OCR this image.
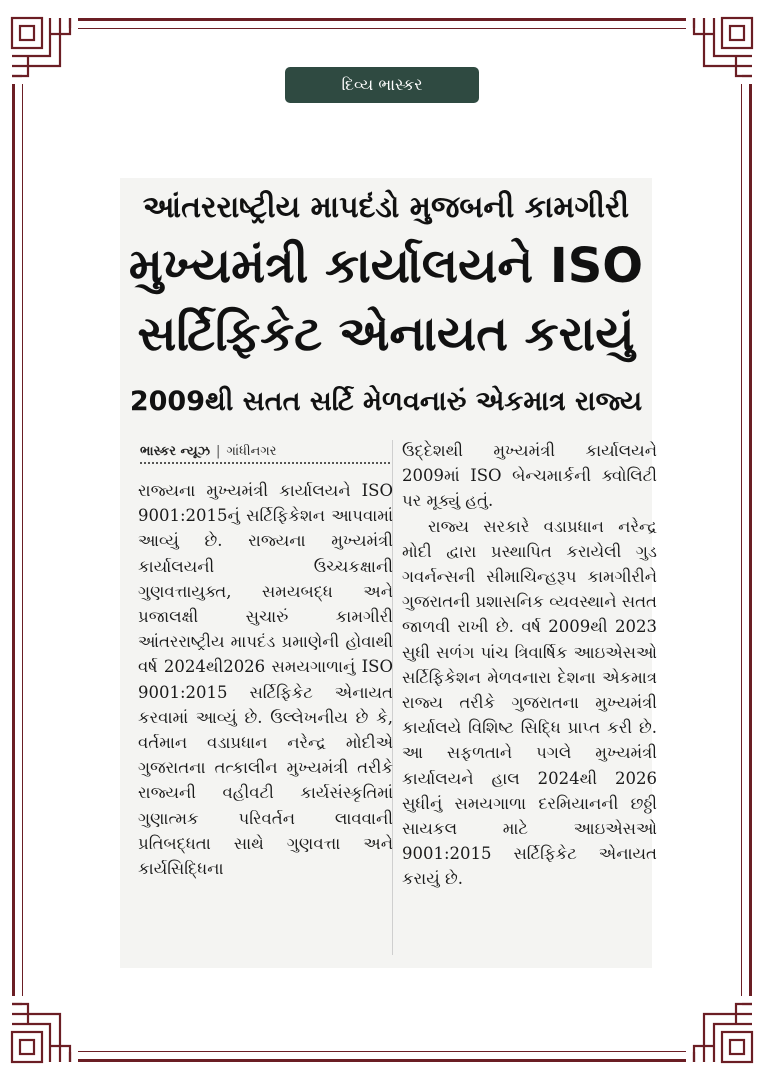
દિવ્ય ભાસ્કર
આંતરરાષ્ટ્રીય માપદંડો મુજબની કામગીરી
મુખ્યમંત્રી કાર્યાલયને ISO
સર્ટિફિકેટ એનાયત કરાયું
2009થી સતત સર્ટિ મેળવનારું એકમાત્ર રાજ્ય
ભાસ્કર ન્યૂઝ | ગાંધીનગર

રાજ્યના મુખ્યમંત્રી કાર્યાલયને ISO 9001:2015નું સર્ટિફિકેશન આપવામાં આવ્યું છે. રાજ્યના મુખ્યમંત્રી કાર્યાલયની ઉચ્ચકક્ષાની ગુણવત્તાયુક્ત, સમયબદ્ધ અને પ્રજાલક્ષી સુચારું કામગીરી આંતરરાષ્ટ્રીય માપદંડ પ્રમાણેની હોવાથી વર્ષ 2024થી2026 સમયગાળાનું ISO 9001:2015 સર્ટિફિકેટ એનાયત કરવામાં આવ્યું છે. ઉલ્લેખનીય છે કે, વર્તમાન વડાપ્રધાન નરેન્દ્ર મોદીએ ગુજરાતના તત્કાલીન મુખ્યમંત્રી તરીકે રાજ્યની વહીવટી કાર્યસંસ્કૃતિમાં ગુણાત્મક પરિવર્તન લાવવાની પ્રતિબદ્ધતા સાથે ગુણવત્તા અને કાર્યસિદ્ધિના

ઉદ્દેશથી મુખ્યમંત્રી કાર્યાલયને 2009માં ISO બેન્ચમાર્કની ક્વોલિટી પર મૂક્યું હતું.

રાજ્ય સરકારે વડાપ્રધાન નરેન્દ્ર મોદી દ્વારા પ્રસ્થાપિત કરાયેલી ગુડ ગવર્નન્સની સીમાચિન્હરૂપ કામગીરીને ગુજરાતની પ્રશાસનિક વ્યવસ્થાને સતત જાળવી રાખી છે. વર્ષ 2009થી 2023 સુધી સળંગ પાંચ ત્રિવાર્ષિક આઇએસઓ સર્ટિફિકેશન મેળવનારા દેશના એકમાત્ર રાજ્ય તરીકે ગુજરાતના મુખ્યમંત્રી કાર્યાલયે વિશિષ્ટ સિદ્ધિ પ્રાપ્ત કરી છે. આ સફળતાને પગલે મુખ્યમંત્રી કાર્યાલયને હાલ 2024થી 2026 સુધીનું સમયગાળા દરમિયાનની છઠ્ઠી સાયકલ માટે આઇએસઓ 9001:2015 સર્ટિફિકેટ એનાયત કરાયું છે.
